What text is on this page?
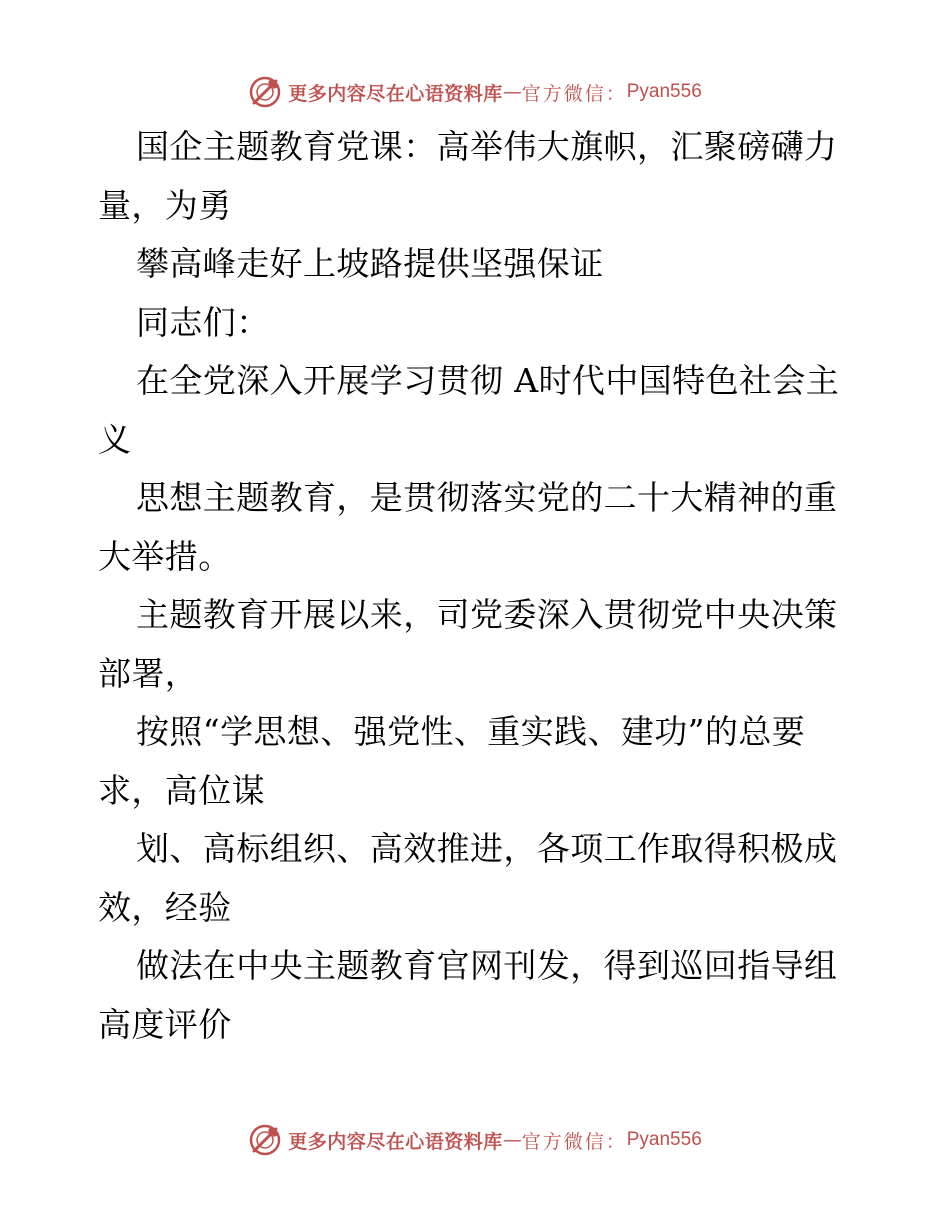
更多内容尽在心语资料库 — 官方微信： Pyan556

国企主题教育党课：高举伟大旗帜，汇聚磅礴力量，为勇

攀高峰走好上坡路提供坚强保证

同志们：

在全党深入开展学习贯彻 A时代中国特色社会主义

思想主题教育，是贯彻落实党的二十大精神的重大举措。

主题教育开展以来，司党委深入贯彻党中央决策部署，

按照“学思想、强党性、重实践、建功”的总要求，高位谋

划、高标组织、高效推进，各项工作取得积极成效，经验

做法在中央主题教育官网刊发，得到巡回指导组高度评价

更多内容尽在心语资料库 — 官方微信： Pyan556
